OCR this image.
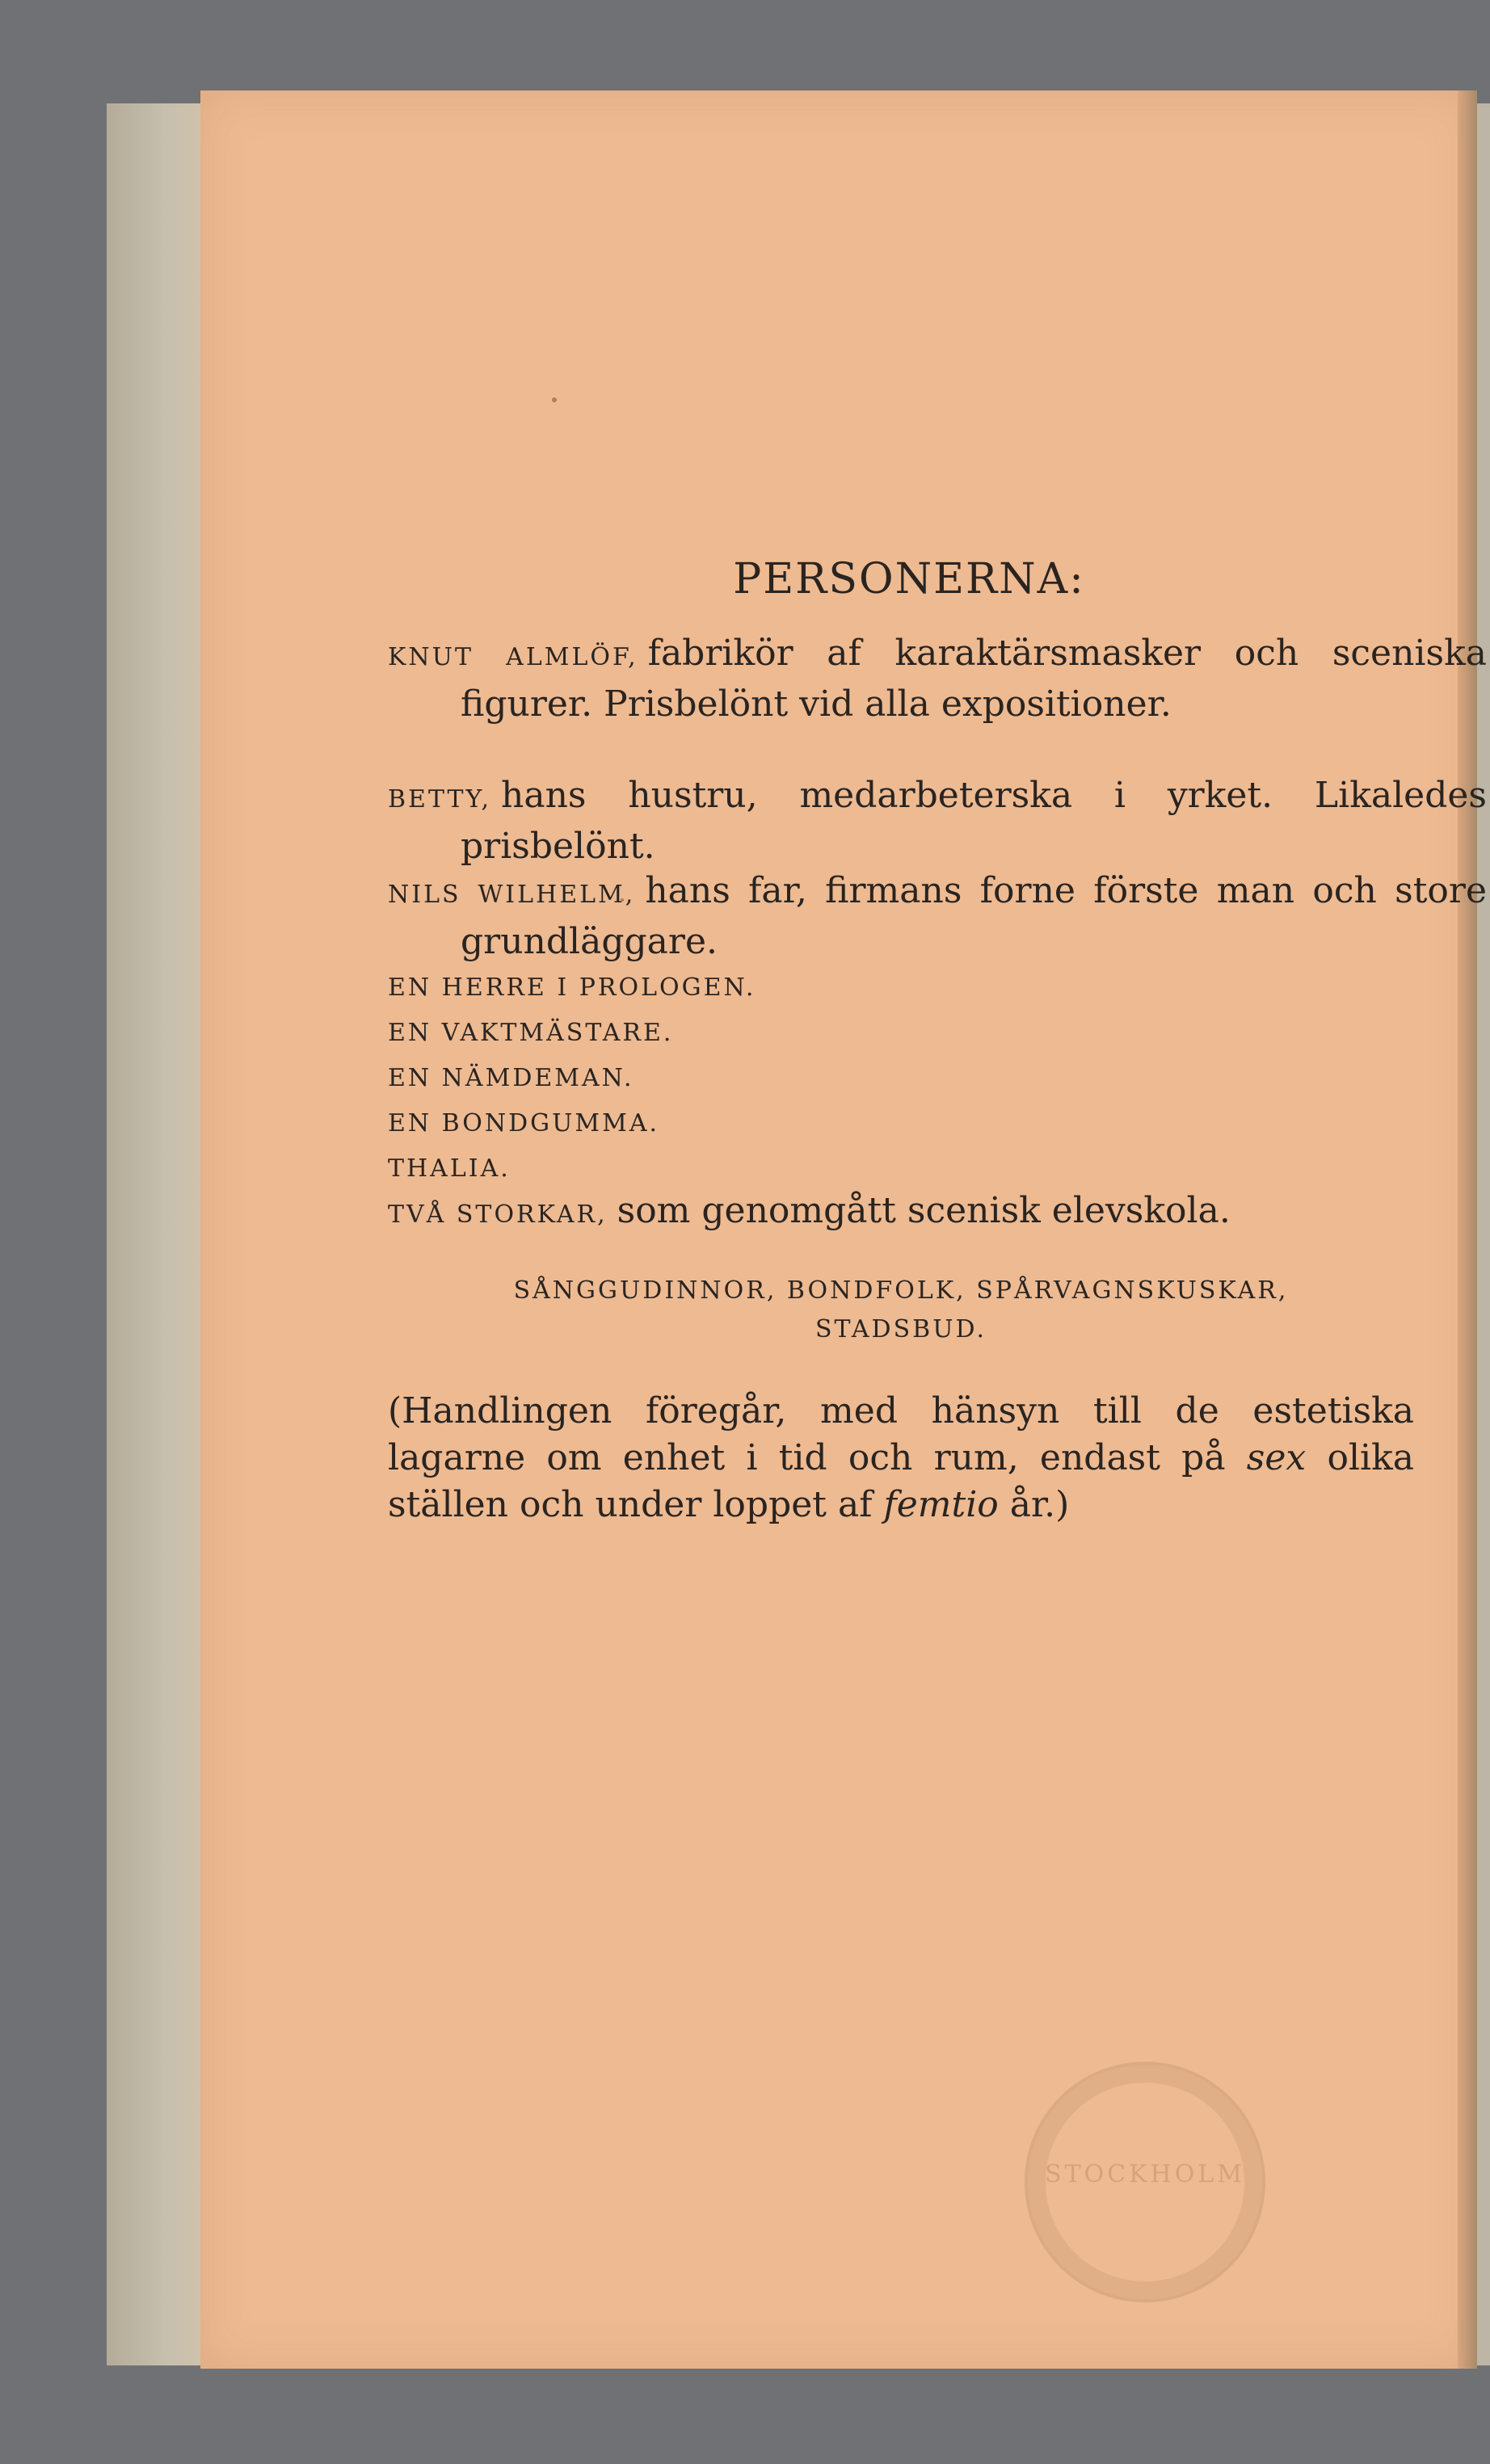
PERSONERNA:

KNUT ALMLÖF, fabrikör af karaktärsmasker och sceniska figurer. Prisbelönt vid alla expositioner.

BETTY, hans hustru, medarbeterska i yrket. Likaledes prisbelönt.

NILS WILHELM, hans far, firmans forne förste man och store grundläggare.

EN HERRE I PROLOGEN.

EN VAKTMÄSTARE.

EN NÄMDEMAN.

EN BONDGUMMA.

THALIA.

TVÅ STORKAR, som genomgått scenisk elevskola.

SÅNGGUDINNOR, BONDFOLK, SPÅRVAGNSKUSKAR,

STADSBUD.

(Handlingen föregår, med hänsyn till de estetiska lagarne om enhet i tid och rum, endast på sex olika ställen och under loppet af femtio år.)

STOCKHOLM
